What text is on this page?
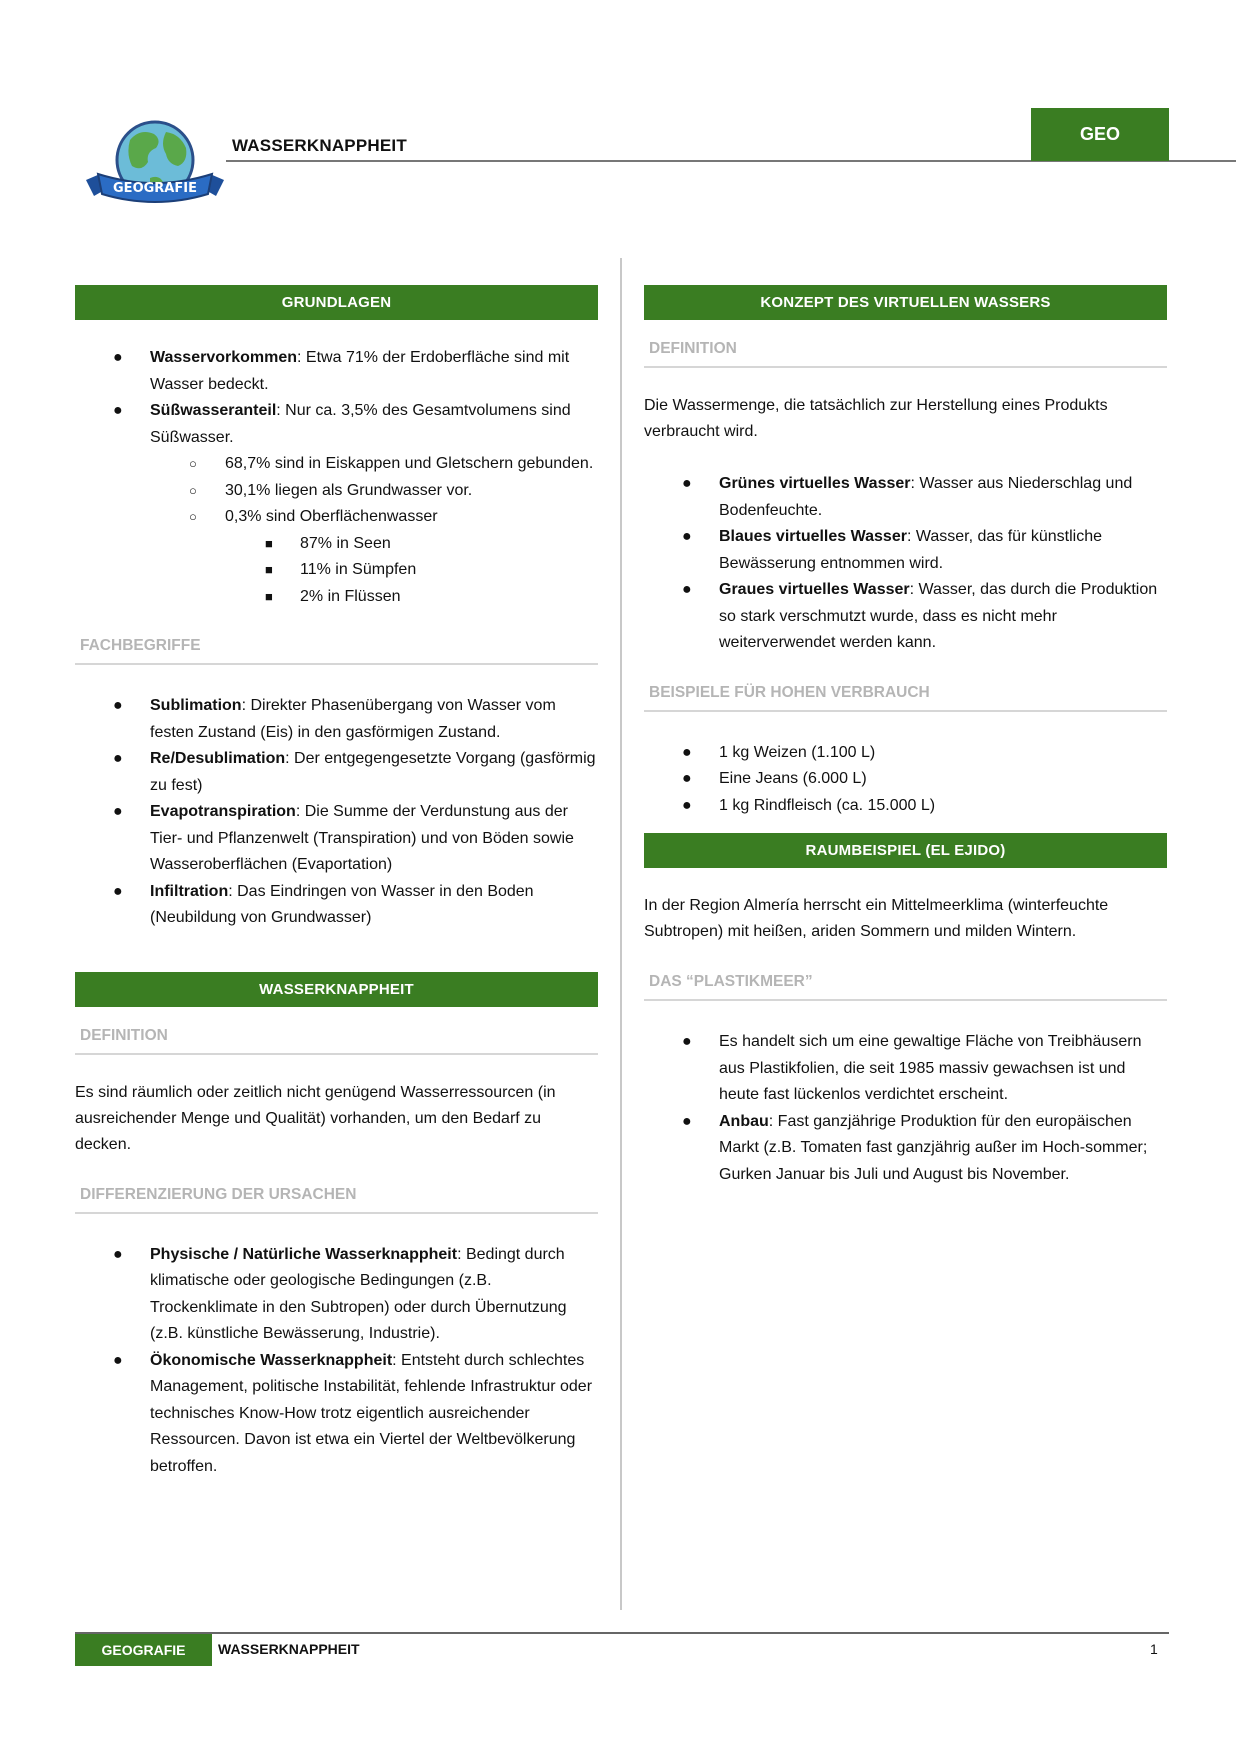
GEOGRAFIE
WASSERKNAPPHEIT
GEO
GRUNDLAGEN
● Wasservorkommen: Etwa 71% der Erdoberfläche sind mit Wasser bedeckt.
● Süßwasseranteil: Nur ca. 3,5% des Gesamtvolumens sind Süßwasser.
○ 68,7% sind in Eiskappen und Gletschern gebunden.
○ 30,1% liegen als Grundwasser vor.
○ 0,3% sind Oberflächenwasser
■ 87% in Seen
■ 11% in Sümpfen
■ 2% in Flüssen
FACHBEGRIFFE
● Sublimation: Direkter Phasenübergang von Wasser vom festen Zustand (Eis) in den gasförmigen Zustand.
● Re/Desublimation: Der entgegengesetzte Vorgang (gasförmig zu fest)
● Evapotranspiration: Die Summe der Verdunstung aus der Tier- und Pflanzenwelt (Transpiration) und von Böden sowie Wasseroberflächen (Evaportation)
● Infiltration: Das Eindringen von Wasser in den Boden (Neubildung von Grundwasser)
WASSERKNAPPHEIT
DEFINITION
Es sind räumlich oder zeitlich nicht genügend Wasserressourcen (in ausreichender Menge und Qualität) vorhanden, um den Bedarf zu decken.
DIFFERENZIERUNG DER URSACHEN
● Physische / Natürliche Wasserknappheit: Bedingt durch klimatische oder geologische Bedingungen (z.B. Trockenklimate in den Subtropen) oder durch Übernutzung (z.B. künstliche Bewässerung, Industrie).
● Ökonomische Wasserknappheit: Entsteht durch schlechtes Management, politische Instabilität, fehlende Infrastruktur oder technisches Know-How trotz eigentlich ausreichender Ressourcen. Davon ist etwa ein Viertel der Weltbevölkerung betroffen.
KONZEPT DES VIRTUELLEN WASSERS
DEFINITION
Die Wassermenge, die tatsächlich zur Herstellung eines Produkts verbraucht wird.
● Grünes virtuelles Wasser: Wasser aus Niederschlag und Bodenfeuchte.
● Blaues virtuelles Wasser: Wasser, das für künstliche Bewässerung entnommen wird.
● Graues virtuelles Wasser: Wasser, das durch die Produktion so stark verschmutzt wurde, dass es nicht mehr weiterverwendet werden kann.
BEISPIELE FÜR HOHEN VERBRAUCH
● 1 kg Weizen (1.100 L)
● Eine Jeans (6.000 L)
● 1 kg Rindfleisch (ca. 15.000 L)
RAUMBEISPIEL (EL EJIDO)
In der Region Almería herrscht ein Mittelmeerklima (winterfeuchte Subtropen) mit heißen, ariden Sommern und milden Wintern.
DAS “PLASTIKMEER”
● Es handelt sich um eine gewaltige Fläche von Treibhäusern aus Plastikfolien, die seit 1985 massiv gewachsen ist und heute fast lückenlos verdichtet erscheint.
● Anbau: Fast ganzjährige Produktion für den europäischen Markt (z.B. Tomaten fast ganzjährig außer im Hoch-sommer; Gurken Januar bis Juli und August bis November.
GEOGRAFIE	WASSERKNAPPHEIT	1
